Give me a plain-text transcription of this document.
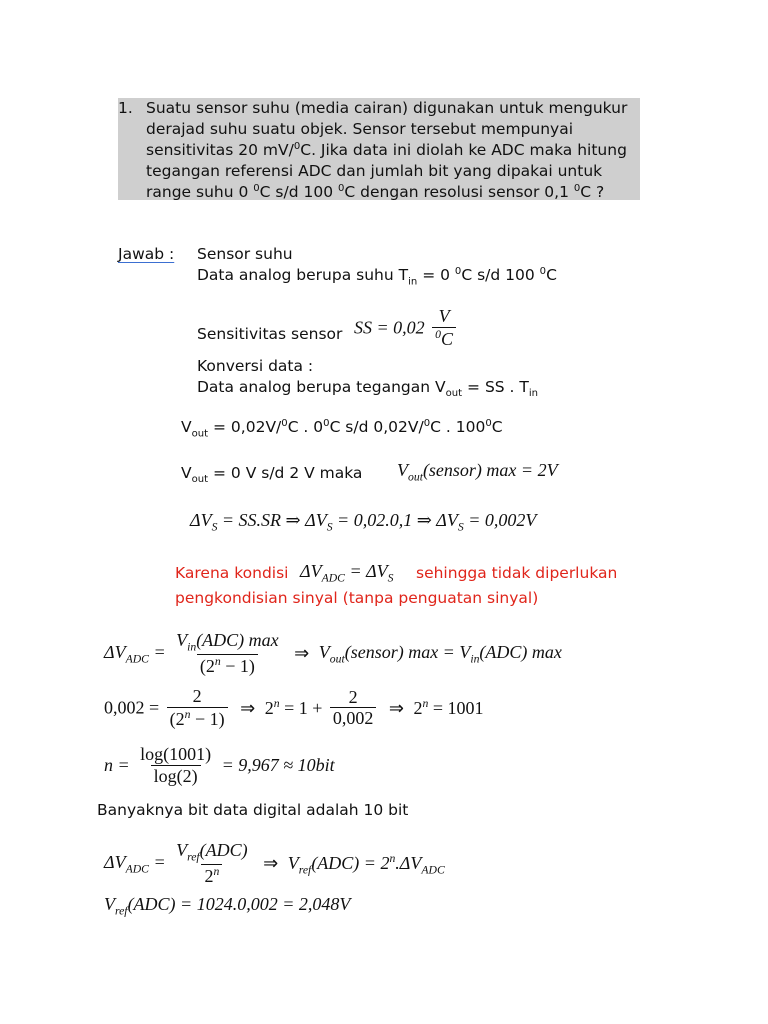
1. Suatu sensor suhu (media cairan) digunakan untuk mengukur
derajad suhu suatu objek. Sensor tersebut mempunyai
sensitivitas 20 mV/$^0$C. Jika data ini diolah ke ADC maka hitung
tegangan referensi ADC dan jumlah bit yang dipakai untuk
range suhu 0 $^0$C s/d 100 $^0$C dengan resolusi sensor 0,1 $^0$C ?
Jawab : Sensor suhu
Data analog berupa suhu $T_{in} = 0$ $^0$C s/d 100 $^0$C
Sensitivitas sensor SS = $0,02 \frac{V}{^0C}$
Konversi data :
Data analog berupa tegangan $V_{out}$ = SS . $T_{in}$
$V_{out} = 0,02V/^0C$ . $0^0C$ s/d 0,02V/$^0$C . $100^0C$
$V_{out} = 0$ V s/d 2 V maka $V_{out}(sensor) \max = 2V$
$\Delta V_S = SS.SR$ ⇒ $\Delta V_S = 0,02.0,1$ ⇒ $\Delta V_S = 0,002V$
Karena kondisi $\Delta V_{ADC} = \Delta V_S$ sehingga tidak diperlukan
pengkondisian sinyal (tanpa penguatan sinyal)
$\Delta V_{ADC} = \frac{V_{in}(ADC) \max}{(2^n - 1)}$ ⇒ $V_{out}(sensor) \max = V_{in}(ADC)$ max
$0,002 = \frac{2}{(2^n - 1)}$ ⇒ $2^n = 1 + \frac{2}{0,002}$ ⇒ $2^n = 1001$
$n = \frac{\log(1001)}{\log(2)} = 9,967 \approx 10bit$
Banyaknya bit data digital adalah 10 bit
$\Delta V_{ADC} = \frac{V_{ref}(ADC)}{2^n}$ ⇒ $V_{ref}(ADC) = 2^n.\Delta V_{ADC}$
$V_{ref}(ADC) = 1024.0,002 = 2,048V$
